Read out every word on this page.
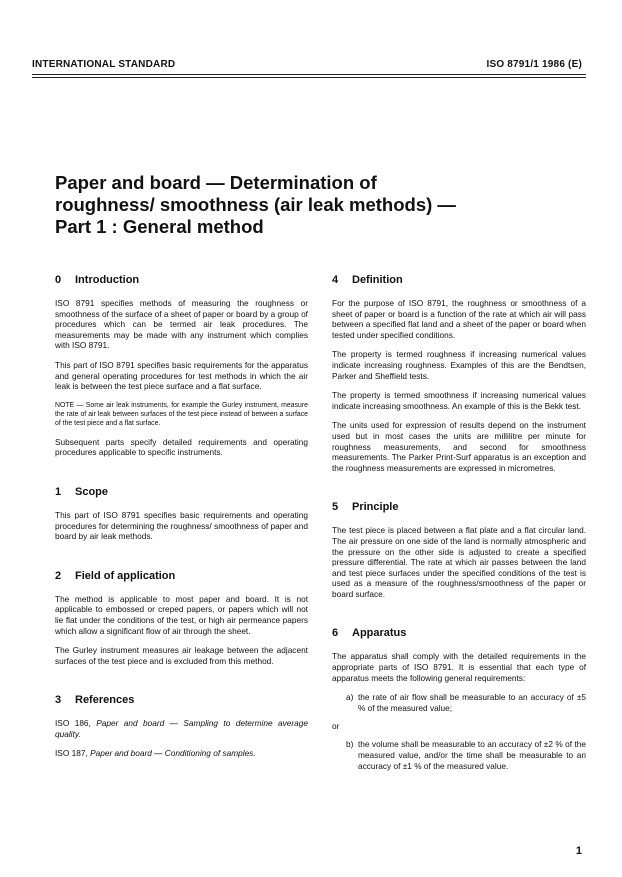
INTERNATIONAL STANDARD	ISO 8791/1 1986 (E)
Paper and board — Determination of
roughness/ smoothness (air leak methods) —
Part 1 : General method
0 Introduction

ISO 8791 specifies methods of measuring the roughness or smoothness of the surface of a sheet of paper or board by a group of procedures which can be termed air leak procedures. The measurements may be made with any instrument which complies with ISO 8791.

This part of ISO 8791 specifies basic requirements for the apparatus and general operating procedures for test methods in which the air leak is between the test piece surface and a flat surface.

NOTE — Some air leak instruments, for example the Gurley instrument, measure the rate of air leak between surfaces of the test piece instead of between a surface of the test piece and a flat surface.

Subsequent parts specify detailed requirements and operating procedures applicable to specific instruments.

1 Scope

This part of ISO 8791 specifies basic requirements and operating procedures for determining the roughness/ smoothness of paper and board by air leak methods.

2 Field of application

The method is applicable to most paper and board. It is not applicable to embossed or creped papers, or papers which will not lie flat under the conditions of the test, or high air permeance papers which allow a significant flow of air through the sheet.

The Gurley instrument measures air leakage between the adjacent surfaces of the test piece and is excluded from this method.

3 References

ISO 186, Paper and board — Sampling to determine average quality.

ISO 187, Paper and board — Conditioning of samples.

4 Definition

For the purpose of ISO 8791, the roughness or smoothness of a sheet of paper or board is a function of the rate at which air will pass between a specified flat land and a sheet of the paper or board when tested under specified conditions.

The property is termed roughness if increasing numerical values indicate increasing roughness. Examples of this are the Bendtsen, Parker and Sheffield tests.

The property is termed smoothness if increasing numerical values indicate increasing smoothness. An example of this is the Bekk test.

The units used for expression of results depend on the instrument used but in most cases the units are millilitre per minute for roughness measurements, and second for smoothness measurements. The Parker Print-Surf apparatus is an exception and the roughness measurements are expressed in micrometres.

5 Principle

The test piece is placed between a flat plate and a flat circular land. The air pressure on one side of the land is normally atmospheric and the pressure on the other side is adjusted to create a specified pressure differential. The rate at which air passes between the land and test piece surfaces under the specified conditions of the test is used as a measure of the roughness/smoothness of the paper or board surface.

6 Apparatus

The apparatus shall comply with the detailed requirements in the appropriate parts of ISO 8791. It is essential that each type of apparatus meets the following general requirements:

a) the rate of air flow shall be measurable to an accuracy of ±5 % of the measured value;
or
b) the volume shall be measurable to an accuracy of ±2 % of the measured value, and/or the time shall be measurable to an accuracy of ±1 % of the measured value.
1
